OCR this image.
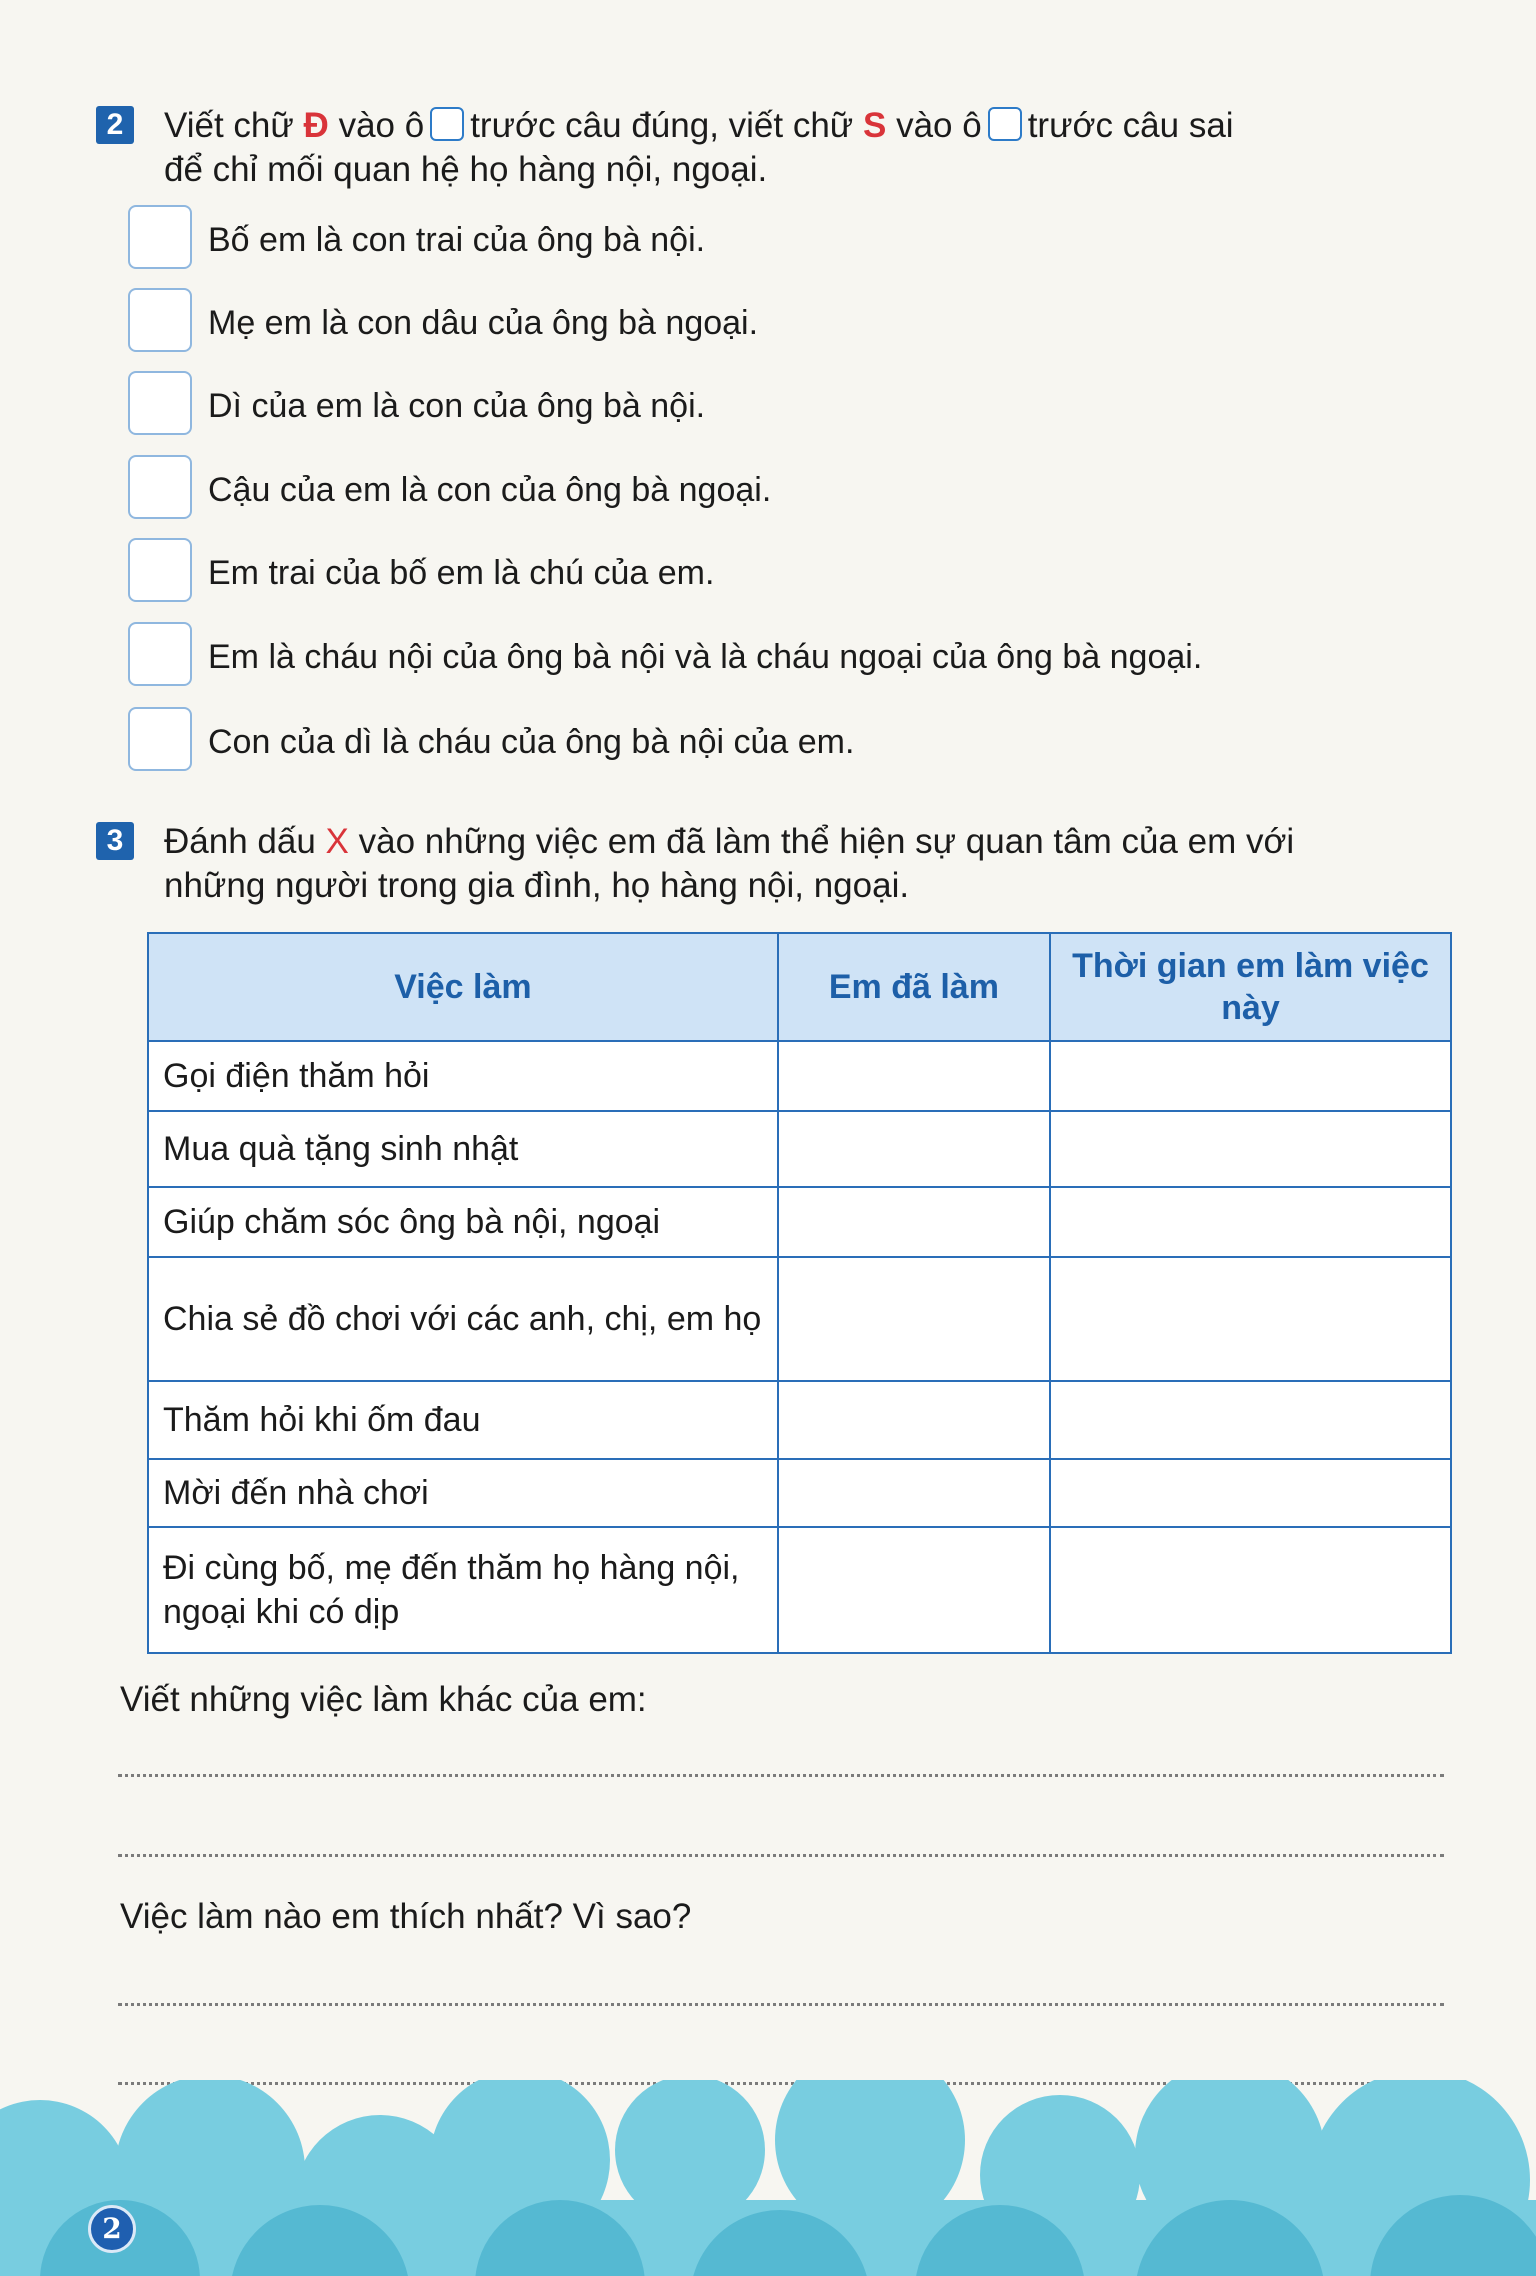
2	Viết chữ Đ vào ô trước câu đúng, viết chữ S vào ô trước câu sai
để chỉ mối quan hệ họ hàng nội, ngoại.
Bố em là con trai của ông bà nội.
Mẹ em là con dâu của ông bà ngoại.
Dì của em là con của ông bà nội.
Cậu của em là con của ông bà ngoại.
Em trai của bố em là chú của em.
Em là cháu nội của ông bà nội và là cháu ngoại của ông bà ngoại.
Con của dì là cháu của ông bà nội của em.
3	Đánh dấu X vào những việc em đã làm thể hiện sự quan tâm của em với
những người trong gia đình, họ hàng nội, ngoại.
Việc làm	Em đã làm	Thời gian em làm việc này
Gọi điện thăm hỏi		
Mua quà tặng sinh nhật		
Giúp chăm sóc ông bà nội, ngoại		
Chia sẻ đồ chơi với các anh, chị, em họ		
Thăm hỏi khi ốm đau		
Mời đến nhà chơi		
Đi cùng bố, mẹ đến thăm họ hàng nội, ngoại khi có dịp		
Viết những việc làm khác của em:
Việc làm nào em thích nhất? Vì sao?
2
